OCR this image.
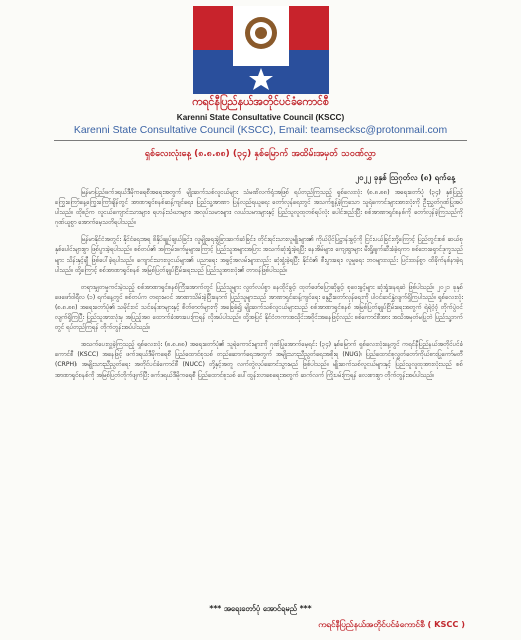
ကရင်နီပြည်နယ်အတိုင်ပင်ခံကောင်စီ
Karenni State Consultative Council (KSCC)
Karenni State Consultative Council (KSCC), Email: teamsecksc@protonmail.com
ရှစ်လေးလုံးနေ့ (၈.၈.၈၈) (၃၄) နှစ်မြောက် အထိမ်းအမှတ် သဝဏ်လွှာ
၂၀၂၂ ခုနှစ် ဩဂုတ်လ (၈) ရက်နေ့

မြန်မာပြည်ဖက်ဒရယ်ဒီမိုကရေစီအရေးအတွက် မျိုးဆက်သစ်လူငယ်များ သံမဏိလက်ရုံးအဖြစ် ရပ်တည်ကြသည့် ရှစ်လေးလုံး (၈.၈.၈၈) အရေးတော်ပုံ (၃၄) နှစ်ပြည့် ကြွေးကြော်နေ့ကြွေးကြော်ချိန်တွင် အာဏာရှင်စနစ်ဆန့်ကျင်ရေး၊ ပြည်သူ့အာဏာ ပြန်လည်ရယူရေး တော်လှန်ရေးတွင် အသက်စွန့်ခဲ့ကြသော သူရဲကောင်းများအားလုံးကို ဦးညွှတ်ဂုဏ်ပြုအပ်ပါသည်။ ထိုစဉ်က လူငယ်ကျောင်းသားများ၊ ရဟန်းသံဃာများ၊ အလုပ်သမားများ၊ လယ်သမားများနှင့် ပြည်သူလူထုတစ်ရပ်လုံး ပေါင်းစည်းပြီး စစ်အာဏာရှင်စနစ်ကို တော်လှန်ခဲ့ကြသည်ကို ဂုဏ်ယူစွာ အောက်မေ့သတိရပါသည်။

မြန်မာနိုင်ငံအတွင်း နိုင်ငံရေးအရ ဖိနှိပ်ချုပ်ချယ်ခြင်း၊ လူမျိုးရေးခွဲခြားဆက်ဆံခြင်း၊ တိုင်းရင်းသားလူမျိုးများ၏ ကိုယ်ပိုင်ပြဋ္ဌာန်းခွင့်ကို ငြင်းပယ်ခြင်းတို့ကြောင့် ပြည်တွင်းစစ် ဆယ်စုနှစ်ပေါင်းများစွာ ဖြစ်ပွားခဲ့ရပါသည်။ စစ်တပ်၏ အကြမ်းဖက်မှုများကြောင့် ပြည်သူအများအပြား အသက်ဆုံးရှုံးခဲ့ရပြီး နေအိမ်များ၊ ကျေးရွာများ မီးရှို့ဖျက်ဆီးခံခဲ့ရကာ စစ်ဘေးရှောင်ဒုက္ခသည်များ သိန်းနှင့်ချီ ဖြစ်ပေါ်ခဲ့ရပါသည်။ ကျောင်းသားလူငယ်များ၏ ပညာရေး အခွင့်အလမ်းများလည်း ဆုံးရှုံးခဲ့ရပြီး နိုင်ငံ၏ စီးပွားရေး၊ လူမှုရေး ဘဝများလည်း ပြင်းထန်စွာ ထိခိုက်နစ်နာခဲ့ရပါသည်။ ထို့ကြောင့် စစ်အာဏာရှင်စနစ် အမြစ်ပြတ်ချုပ်ငြိမ်းရေးသည် ပြည်သူအားလုံး၏ တာဝန်ဖြစ်ပါသည်။

တရားမျှတမှုကင်းမဲ့သည့် စစ်အာဏာရှင်စနစ်ကြီးအောက်တွင် ပြည်သူများ လွတ်လပ်စွာ နေထိုင်ခွင့်၊ ထုတ်ဖော်ပြောဆိုခွင့်၊ စုဝေးခွင့်များ ဆုံးရှုံးနေရဆဲ ဖြစ်ပါသည်။ ၂၀၂၁ ခုနှစ် ဖေဖော်ဝါရီလ (၁) ရက်နေ့တွင် စစ်တပ်က တရားမဝင် အာဏာသိမ်းခဲ့ပြီးနောက် ပြည်သူများသည် အာဏာရှင်ဆန့်ကျင်ရေး နွေဦးတော်လှန်ရေးကို ပါဝင်ဆင်နွှဲလျက်ရှိကြပါသည်။ ရှစ်လေးလုံး (၈.၈.၈၈) အရေးတော်ပုံ၏ သမိုင်းဝင် သင်ခန်းစာများနှင့် စိတ်ဓာတ်များကို အခြေခံ၍ မျိုးဆက်သစ်လူငယ်များသည် စစ်အာဏာရှင်စနစ် အမြစ်ပြတ်ချုပ်ငြိမ်းရေးအတွက် ရဲရဲဝံ့ဝံ့ တိုက်ပွဲဝင်လျက်ရှိကြပြီး ပြည်သူအားလုံးမှ အပြည့်အဝ ထောက်ခံအားပေးကြရန် လိုအပ်ပါသည်။ ထို့အပြင် နိုင်ငံတကာအသိုင်းအဝိုင်းအနေဖြင့်လည်း စစ်ကောင်စီအား အသိအမှတ်မပြုဘဲ ပြည်သူ့ဘက်တွင် ရပ်တည်ကြရန် တိုက်တွန်းအပ်ပါသည်။

အသက်ပေးလှူခဲ့ကြသည့် ရှစ်လေးလုံး (၈.၈.၈၈) အရေးတော်ပုံ၏ သူရဲကောင်းများကို ဂုဏ်ပြုအောက်မေ့ရင်း (၃၄) နှစ်မြောက် ရှစ်လေးလုံးနေ့တွင် ကရင်နီပြည်နယ်အတိုင်ပင်ခံကောင်စီ (KSCC) အနေဖြင့် ဖက်ဒရယ်ဒီမိုကရေစီ ပြည်ထောင်စုသစ် တည်ဆောက်ရေးအတွက် အမျိုးသားညီညွတ်ရေးအစိုးရ (NUG)၊ ပြည်ထောင်စုလွှတ်တော်ကိုယ်စားပြုကော်မတီ (CRPH)၊ အမျိုးသားညီညွတ်ရေး အတိုင်ပင်ခံကောင်စီ (NUCC) တို့နှင့်အတူ လက်တွဲလုပ်ဆောင်သွားမည် ဖြစ်ပါသည်။ မျိုးဆက်သစ်လူငယ်များနှင့် ပြည်သူလူထုအားလုံးသည် စစ်အာဏာရှင်စနစ်ကို အမြစ်ပြတ်တိုက်ဖျက်ပြီး ဖက်ဒရယ်ဒီမိုကရေစီ ပြည်ထောင်စုသစ် ပေါ်ထွန်းလာစေရေးအတွက် ဆက်လက် ကြိုးပမ်းကြရန် လေးစားစွာ တိုက်တွန်းအပ်ပါသည်။

*** အရေးတော်ပုံ အောင်ရမည် ***
ကရင်နီပြည်နယ်အတိုင်ပင်ခံကောင်စီ ( KSCC )
